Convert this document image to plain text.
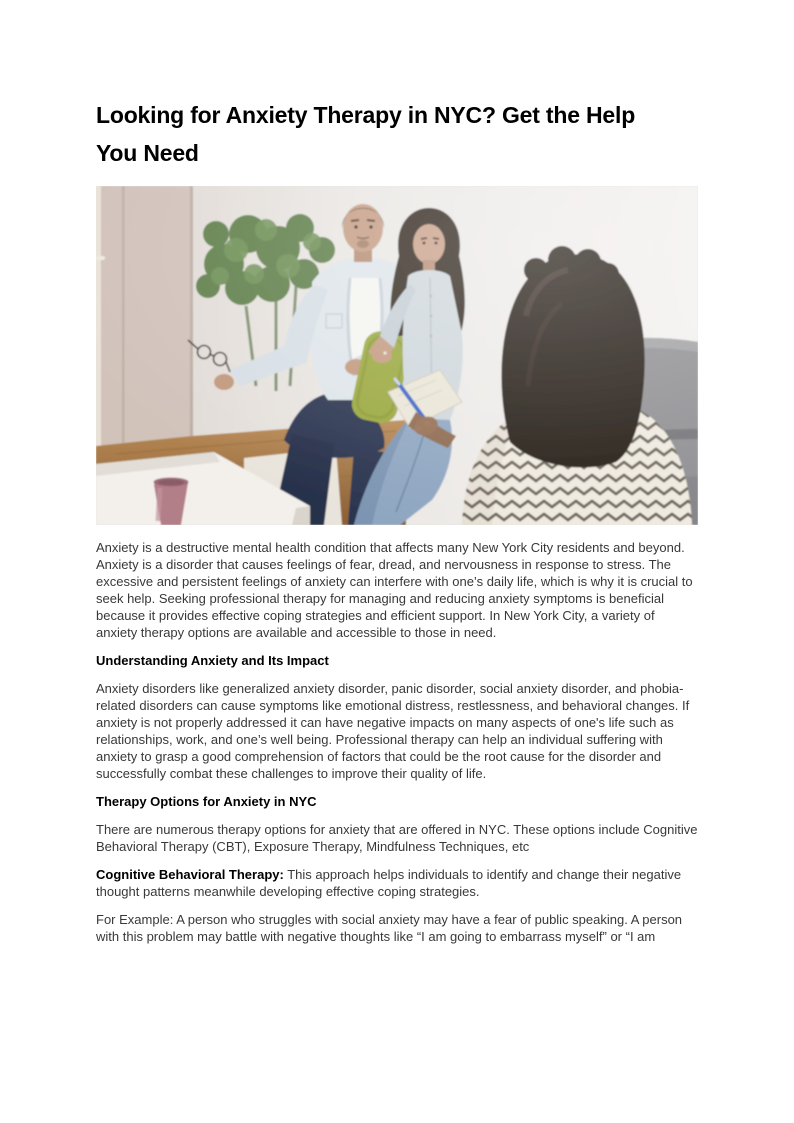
Looking for Anxiety Therapy in NYC? Get the Help
You Need

Anxiety is a destructive mental health condition that affects many New York City residents and beyond. Anxiety is a disorder that causes feelings of fear, dread, and nervousness in response to stress. The excessive and persistent feelings of anxiety can interfere with one’s daily life, which is why it is crucial to seek help. Seeking professional therapy for managing and reducing anxiety symptoms is beneficial because it provides effective coping strategies and efficient support. In New York City, a variety of anxiety therapy options are available and accessible to those in need.

Understanding Anxiety and Its Impact

Anxiety disorders like generalized anxiety disorder, panic disorder, social anxiety disorder, and phobia- related disorders can cause symptoms like emotional distress, restlessness, and behavioral changes. If anxiety is not properly addressed it can have negative impacts on many aspects of one's life such as relationships, work, and one’s well being. Professional therapy can help an individual suffering with anxiety to grasp a good comprehension of factors that could be the root cause for the disorder and successfully combat these challenges to improve their quality of life.

Therapy Options for Anxiety in NYC

There are numerous therapy options for anxiety that are offered in NYC. These options include Cognitive Behavioral Therapy (CBT), Exposure Therapy, Mindfulness Techniques, etc

Cognitive Behavioral Therapy: This approach helps individuals to identify and change their negative thought patterns meanwhile developing effective coping strategies.

For Example: A person who struggles with social anxiety may have a fear of public speaking. A person with this problem may battle with negative thoughts like “I am going to embarrass myself” or “I am
